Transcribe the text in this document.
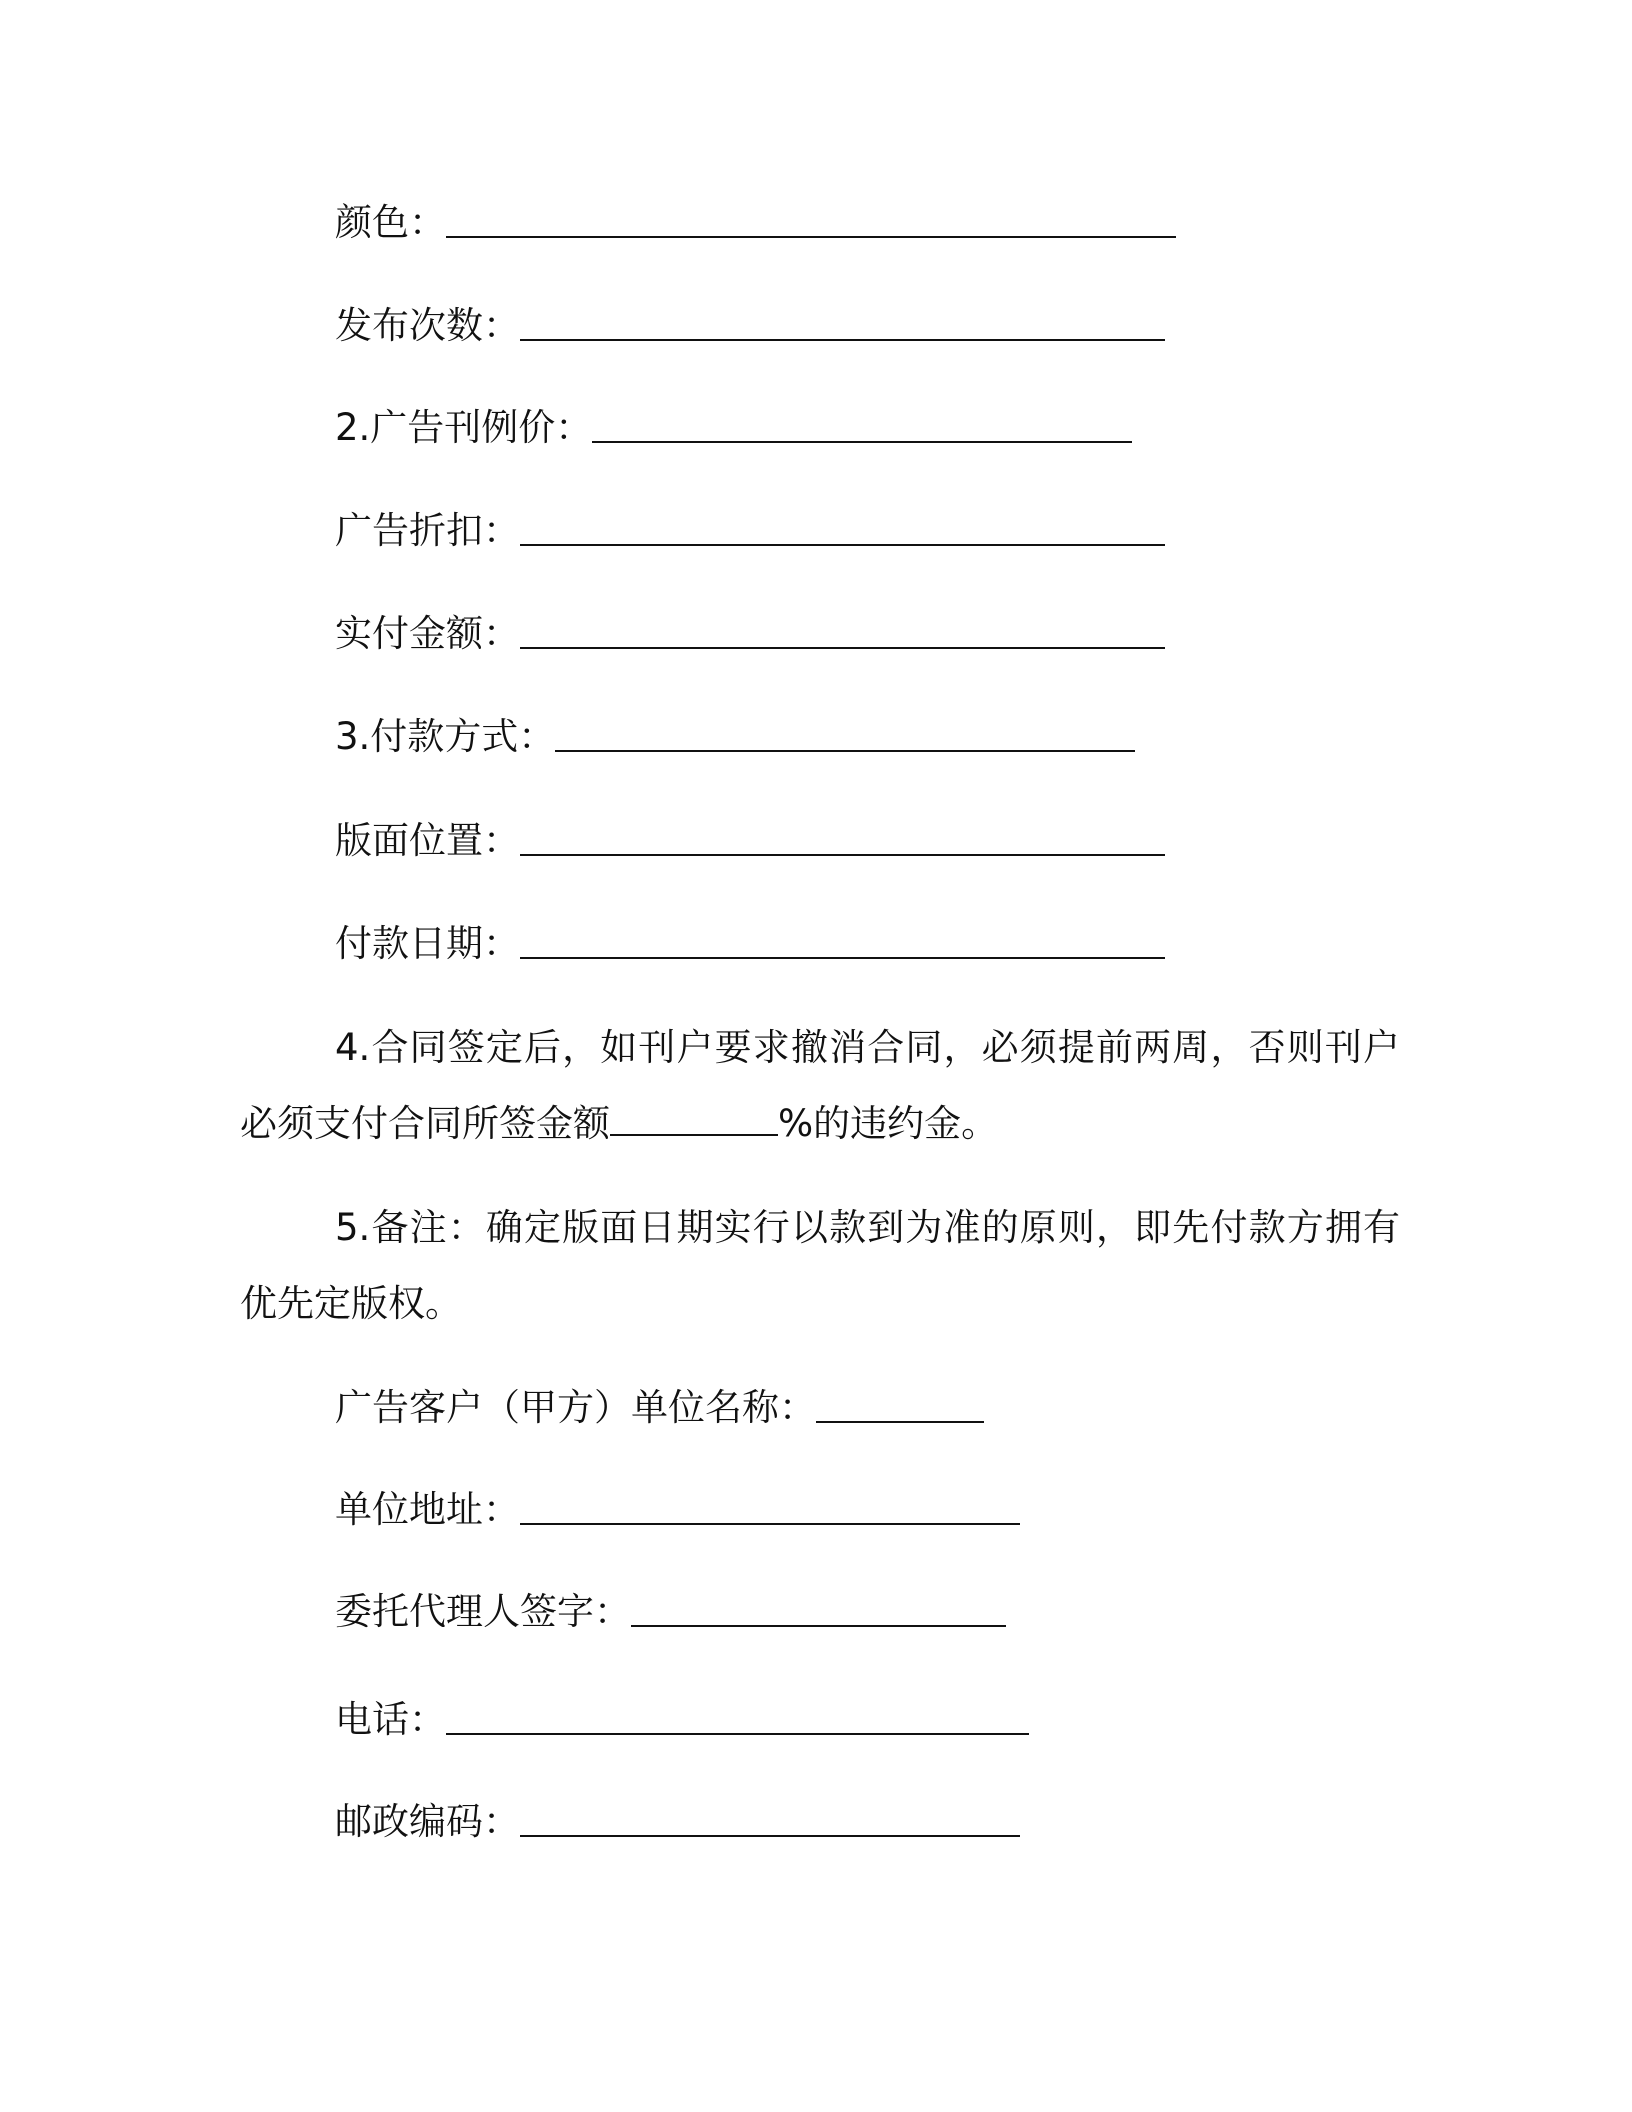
颜色：
发布次数：
2.广告刊例价：
广告折扣：
实付金额：
3.付款方式：
版面位置：
付款日期：
4.合同签定后，如刊户要求撤消合同，必须提前两周，否则刊户必须支付合同所签金额	%的违约金。
5.备注：确定版面日期实行以款到为准的原则，即先付款方拥有优先定版权。
广告客户（甲方）单位名称：
单位地址：
委托代理人签字：
电话：
邮政编码：
